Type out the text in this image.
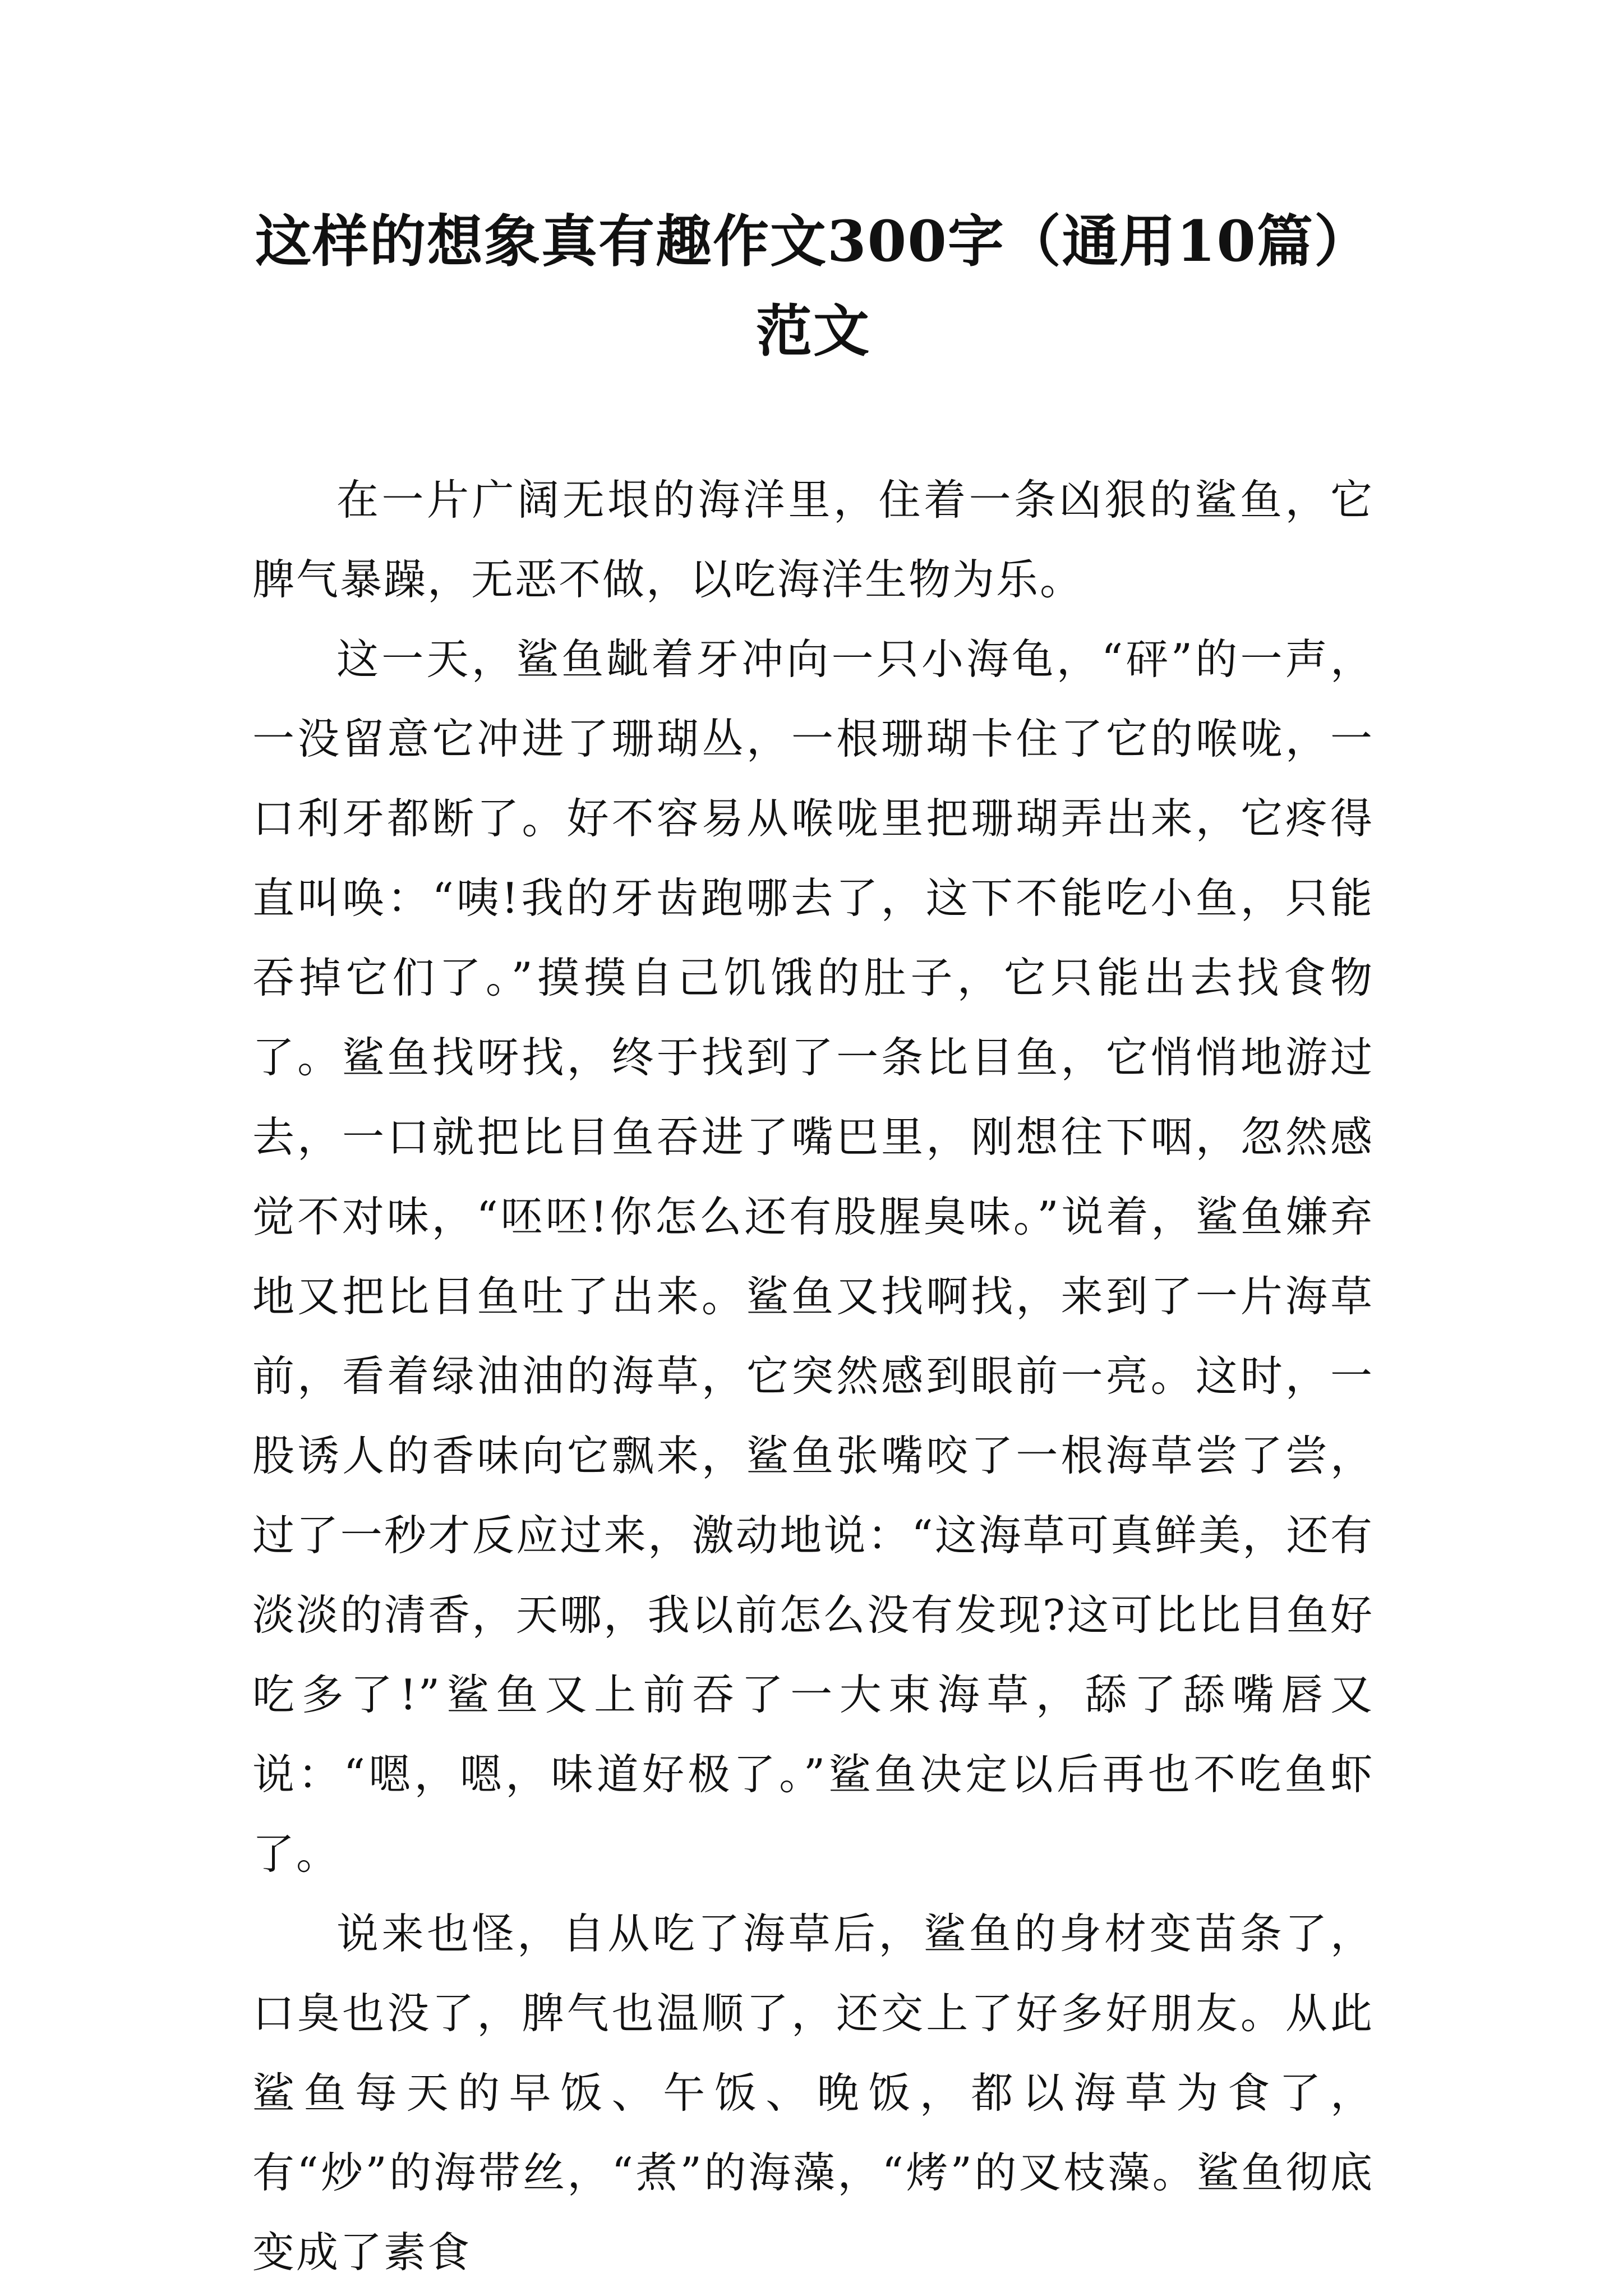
这样的想象真有趣作文300字（通用10篇）
范文

在一片广阔无垠的海洋里，住着一条凶狠的鲨鱼，它脾气暴躁，无恶不做，以吃海洋生物为乐。

这一天，鲨鱼龇着牙冲向一只小海龟，“砰”的一声，一没留意它冲进了珊瑚丛，一根珊瑚卡住了它的喉咙，一口利牙都断了。好不容易从喉咙里把珊瑚弄出来，它疼得直叫唤：“咦!我的牙齿跑哪去了，这下不能吃小鱼，只能吞掉它们了。”摸摸自己饥饿的肚子，它只能出去找食物了。鲨鱼找呀找，终于找到了一条比目鱼，它悄悄地游过去，一口就把比目鱼吞进了嘴巴里，刚想往下咽，忽然感觉不对味，“呸呸!你怎么还有股腥臭味。”说着，鲨鱼嫌弃地又把比目鱼吐了出来。鲨鱼又找啊找，来到了一片海草前，看着绿油油的海草，它突然感到眼前一亮。这时，一股诱人的香味向它飘来，鲨鱼张嘴咬了一根海草尝了尝，过了一秒才反应过来，激动地说：“这海草可真鲜美，还有淡淡的清香，天哪，我以前怎么没有发现?这可比比目鱼好吃多了!”鲨鱼又上前吞了一大束海草，舔了舔嘴唇又说：“嗯，嗯，味道好极了。”鲨鱼决定以后再也不吃鱼虾了。

说来也怪，自从吃了海草后，鲨鱼的身材变苗条了，口臭也没了，脾气也温顺了，还交上了好多好朋友。从此鲨鱼每天的早饭、午饭、晚饭，都以海草为食了，有“炒”的海带丝，“煮”的海藻，“烤”的叉枝藻。鲨鱼彻底变成了素食
